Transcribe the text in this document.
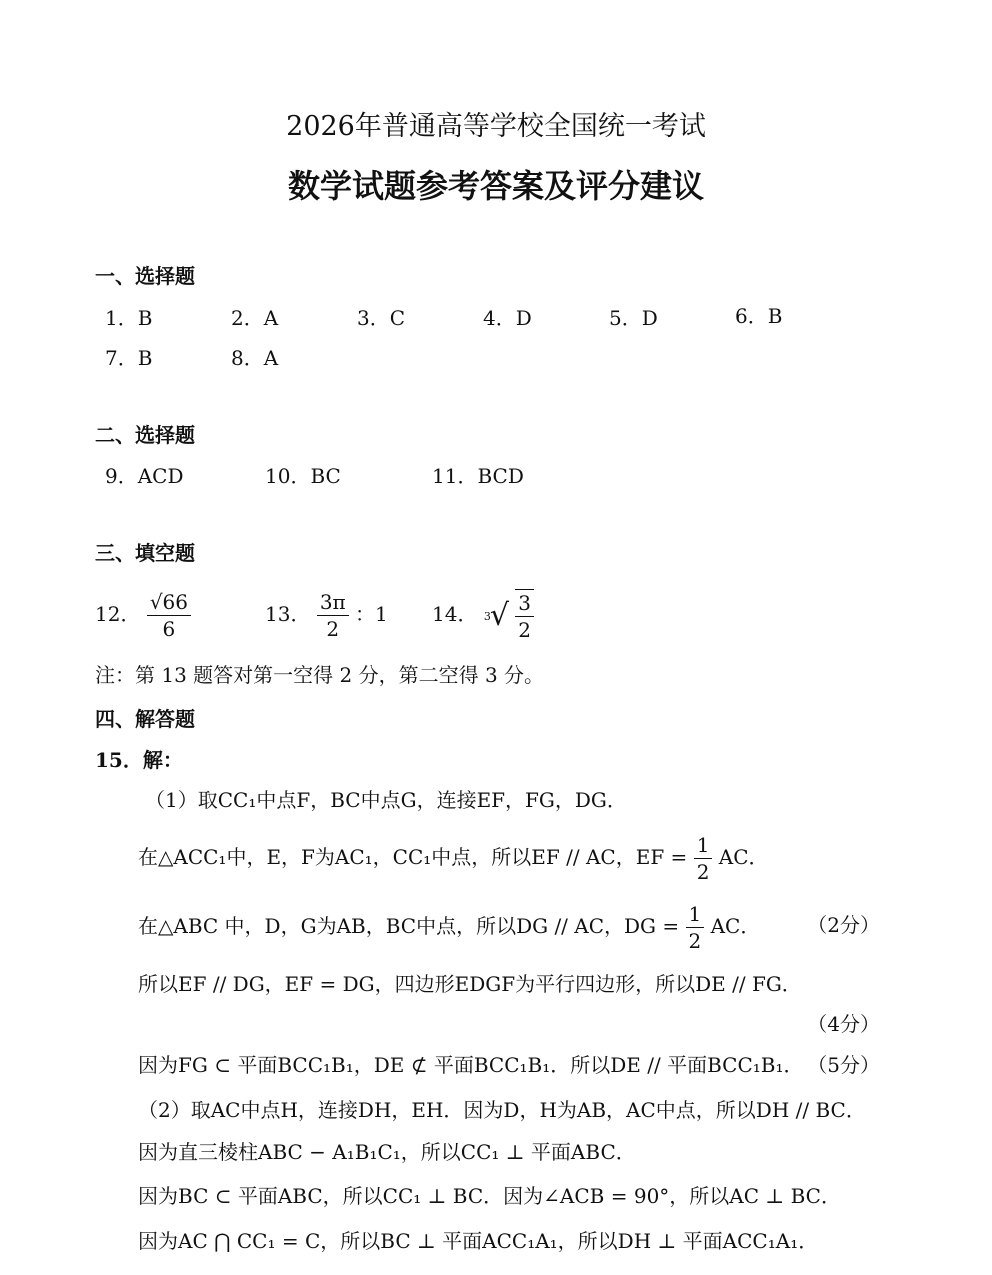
2026年普通高等学校全国统一考试
数学试题参考答案及评分建议
一、选择题
1．B	2．A	3．C	4．D	5．D	6．B
7．B	8．A
二、选择题
9．ACD	10．BC	11．BCD
三、填空题
12． $\frac{√66}{6}$	13． $\frac{3\pi}{2}$ ：1 14． 3 √ $\frac{3}{2}$
注：第 13 题答对第一空得 2 分，第二空得 3 分。
四、解答题
15．解：
（1）取CC₁中点F，BC中点G，连接EF，FG，DG．
在△ACC₁中，E，F为AC₁，CC₁中点，所以EF // AC，EF = $\frac{1}{2}$ AC．
在△ABC 中，D，G为AB，BC中点，所以DG // AC，DG = $\frac{1}{2}$ AC． （2分）
所以EF // DG，EF = DG，四边形EDGF为平行四边形，所以DE // FG．
（4分）
因为FG ⊂ 平面BCC₁B₁，DE ⊄ 平面BCC₁B₁．所以DE // 平面BCC₁B₁． （5分）
（2）取AC中点H，连接DH，EH．因为D，H为AB，AC中点，所以DH // BC．
因为直三棱柱ABC − A₁B₁C₁，所以CC₁ ⊥ 平面ABC．
因为BC ⊂ 平面ABC，所以CC₁ ⊥ BC．因为∠ACB = 90°，所以AC ⊥ BC．
因为AC ⋂ CC₁ = C，所以BC ⊥ 平面ACC₁A₁，所以DH ⊥ 平面ACC₁A₁．
